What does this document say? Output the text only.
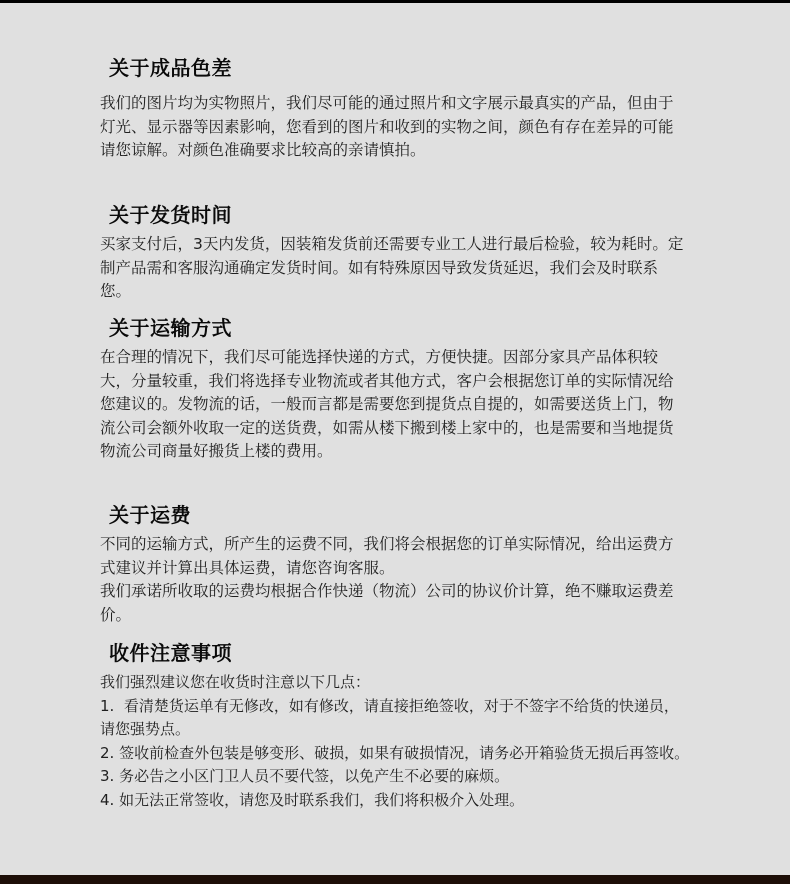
关于成品色差

我们的图片均为实物照片，我们尽可能的通过照片和文字展示最真实的产品，但由于灯光、显示器等因素影响，您看到的图片和收到的实物之间，颜色有存在差异的可能请您谅解。对颜色准确要求比较高的亲请慎拍。

关于发货时间

买家支付后，3天内发货，因装箱发货前还需要专业工人进行最后检验，较为耗时。定制产品需和客服沟通确定发货时间。如有特殊原因导致发货延迟，我们会及时联系您。

关于运输方式

在合理的情况下，我们尽可能选择快递的方式，方便快捷。因部分家具产品体积较大，分量较重，我们将选择专业物流或者其他方式，客户会根据您订单的实际情况给您建议的。发物流的话，一般而言都是需要您到提货点自提的，如需要送货上门，物流公司会额外收取一定的送货费，如需从楼下搬到楼上家中的，也是需要和当地提货物流公司商量好搬货上楼的费用。

关于运费

不同的运输方式，所产生的运费不同，我们将会根据您的订单实际情况，给出运费方式建议并计算出具体运费，请您咨询客服。

我们承诺所收取的运费均根据合作快递（物流）公司的协议价计算，绝不赚取运费差价。

收件注意事项

我们强烈建议您在收货时注意以下几点：

1.  看清楚货运单有无修改，如有修改，请直接拒绝签收，对于不签字不给货的快递员，请您强势点。

2. 签收前检查外包装是够变形、破损，如果有破损情况，请务必开箱验货无损后再签收。

3. 务必告之小区门卫人员不要代签，以免产生不必要的麻烦。

4. 如无法正常签收，请您及时联系我们，我们将积极介入处理。
